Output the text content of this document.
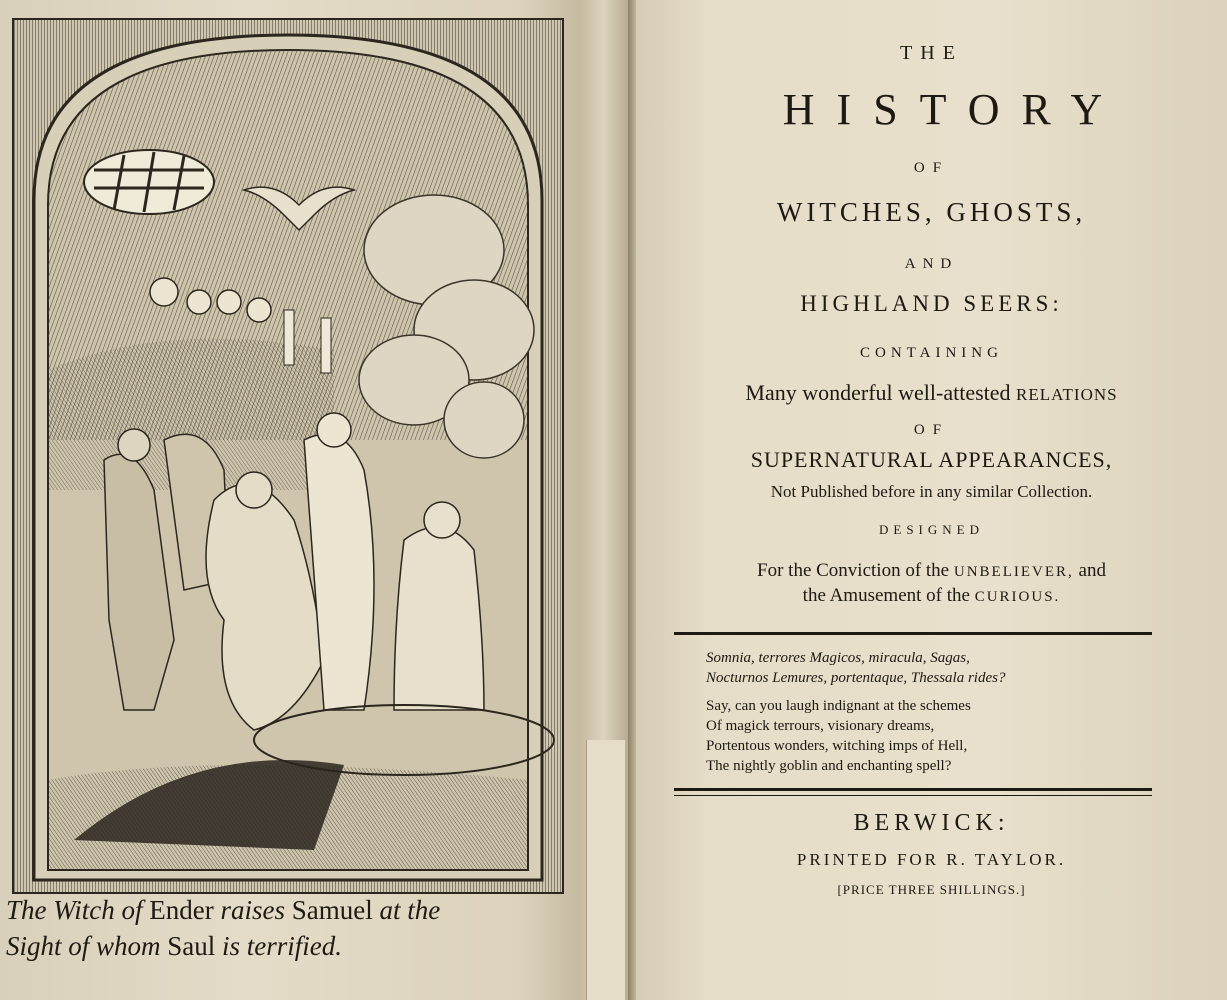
The Witch of Ender raises Samuel at the
Sight of whom Saul is terrified.
THE
HISTORY
OF
WITCHES, GHOSTS,
AND
HIGHLAND SEERS:
CONTAINING
Many wonderful well-attested RELATIONS
OF
SUPERNATURAL APPEARANCES,
Not Published before in any similar Collection.
DESIGNED
For the Conviction of the UNBELIEVER, and
the Amusement of the CURIOUS.
Somnia, terrores Magicos, miracula, Sagas,
Nocturnos Lemures, portentaque, Thessala rides?
Say, can you laugh indignant at the schemes
Of magick terrours, visionary dreams,
Portentous wonders, witching imps of Hell,
The nightly goblin and enchanting spell?
BERWICK:
PRINTED FOR R. TAYLOR.
[PRICE THREE SHILLINGS.]
